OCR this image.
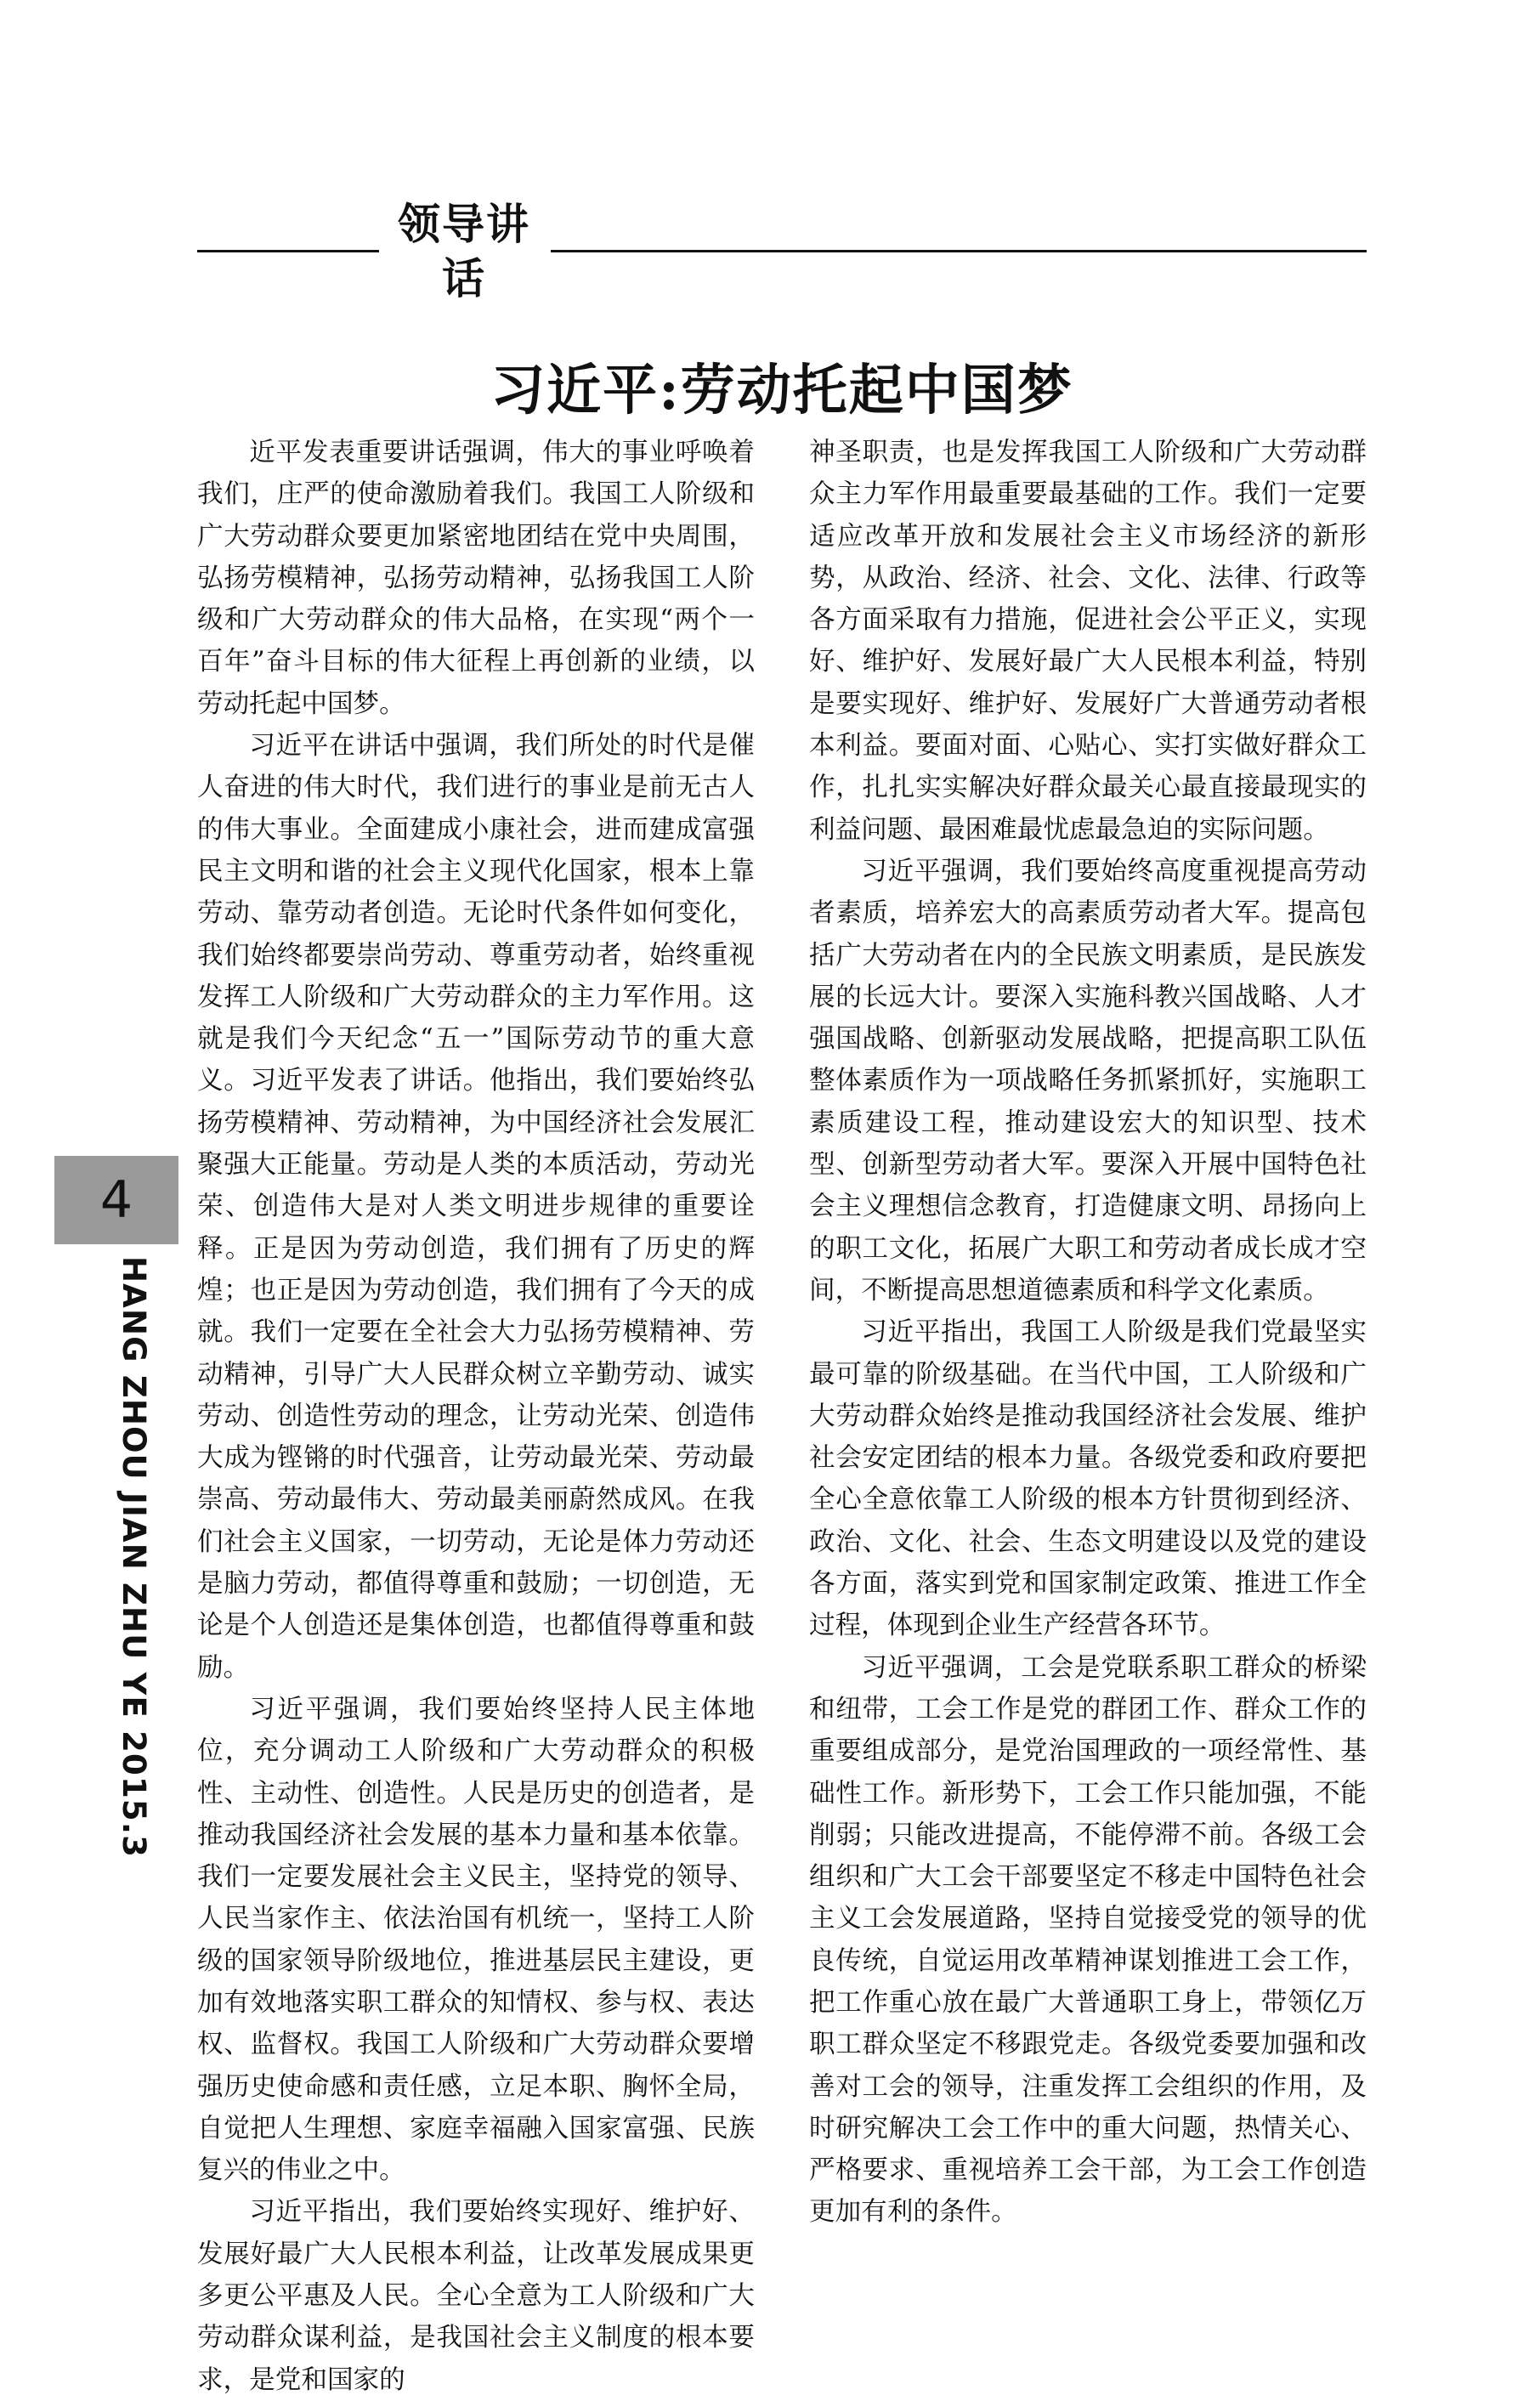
领导讲话
习近平:劳动托起中国梦

近平发表重要讲话强调，伟大的事业呼唤着我们，庄严的使命激励着我们。我国工人阶级和广大劳动群众要更加紧密地团结在党中央周围，弘扬劳模精神，弘扬劳动精神，弘扬我国工人阶级和广大劳动群众的伟大品格，在实现“两个一百年”奋斗目标的伟大征程上再创新的业绩，以劳动托起中国梦。

习近平在讲话中强调，我们所处的时代是催人奋进的伟大时代，我们进行的事业是前无古人的伟大事业。全面建成小康社会，进而建成富强民主文明和谐的社会主义现代化国家，根本上靠劳动、靠劳动者创造。无论时代条件如何变化，我们始终都要崇尚劳动、尊重劳动者，始终重视发挥工人阶级和广大劳动群众的主力军作用。这就是我们今天纪念“五一”国际劳动节的重大意义。习近平发表了讲话。他指出，我们要始终弘扬劳模精神、劳动精神，为中国经济社会发展汇聚强大正能量。劳动是人类的本质活动，劳动光荣、创造伟大是对人类文明进步规律的重要诠释。正是因为劳动创造，我们拥有了历史的辉煌；也正是因为劳动创造，我们拥有了今天的成就。我们一定要在全社会大力弘扬劳模精神、劳动精神，引导广大人民群众树立辛勤劳动、诚实劳动、创造性劳动的理念，让劳动光荣、创造伟大成为铿锵的时代强音，让劳动最光荣、劳动最崇高、劳动最伟大、劳动最美丽蔚然成风。在我们社会主义国家，一切劳动，无论是体力劳动还是脑力劳动，都值得尊重和鼓励；一切创造，无论是个人创造还是集体创造，也都值得尊重和鼓励。

习近平强调，我们要始终坚持人民主体地位，充分调动工人阶级和广大劳动群众的积极性、主动性、创造性。人民是历史的创造者，是推动我国经济社会发展的基本力量和基本依靠。我们一定要发展社会主义民主，坚持党的领导、人民当家作主、依法治国有机统一，坚持工人阶级的国家领导阶级地位，推进基层民主建设，更加有效地落实职工群众的知情权、参与权、表达权、监督权。我国工人阶级和广大劳动群众要增强历史使命感和责任感，立足本职、胸怀全局，自觉把人生理想、家庭幸福融入国家富强、民族复兴的伟业之中。

习近平指出，我们要始终实现好、维护好、发展好最广大人民根本利益，让改革发展成果更多更公平惠及人民。全心全意为工人阶级和广大劳动群众谋利益，是我国社会主义制度的根本要求，是党和国家的

神圣职责，也是发挥我国工人阶级和广大劳动群众主力军作用最重要最基础的工作。我们一定要适应改革开放和发展社会主义市场经济的新形势，从政治、经济、社会、文化、法律、行政等各方面采取有力措施，促进社会公平正义，实现好、维护好、发展好最广大人民根本利益，特别是要实现好、维护好、发展好广大普通劳动者根本利益。要面对面、心贴心、实打实做好群众工作，扎扎实实解决好群众最关心最直接最现实的利益问题、最困难最忧虑最急迫的实际问题。

习近平强调，我们要始终高度重视提高劳动者素质，培养宏大的高素质劳动者大军。提高包括广大劳动者在内的全民族文明素质，是民族发展的长远大计。要深入实施科教兴国战略、人才强国战略、创新驱动发展战略，把提高职工队伍整体素质作为一项战略任务抓紧抓好，实施职工素质建设工程，推动建设宏大的知识型、技术型、创新型劳动者大军。要深入开展中国特色社会主义理想信念教育，打造健康文明、昂扬向上的职工文化，拓展广大职工和劳动者成长成才空间，不断提高思想道德素质和科学文化素质。

习近平指出，我国工人阶级是我们党最坚实最可靠的阶级基础。在当代中国，工人阶级和广大劳动群众始终是推动我国经济社会发展、维护社会安定团结的根本力量。各级党委和政府要把全心全意依靠工人阶级的根本方针贯彻到经济、政治、文化、社会、生态文明建设以及党的建设各方面，落实到党和国家制定政策、推进工作全过程，体现到企业生产经营各环节。

习近平强调，工会是党联系职工群众的桥梁和纽带，工会工作是党的群团工作、群众工作的重要组成部分，是党治国理政的一项经常性、基础性工作。新形势下，工会工作只能加强，不能削弱；只能改进提高，不能停滞不前。各级工会组织和广大工会干部要坚定不移走中国特色社会主义工会发展道路，坚持自觉接受党的领导的优良传统，自觉运用改革精神谋划推进工会工作，把工作重心放在最广大普通职工身上，带领亿万职工群众坚定不移跟党走。各级党委要加强和改善对工会的领导，注重发挥工会组织的作用，及时研究解决工会工作中的重大问题，热情关心、严格要求、重视培养工会干部，为工会工作创造更加有利的条件。

4
HANG ZHOU JIAN ZHU YE 2015.3
